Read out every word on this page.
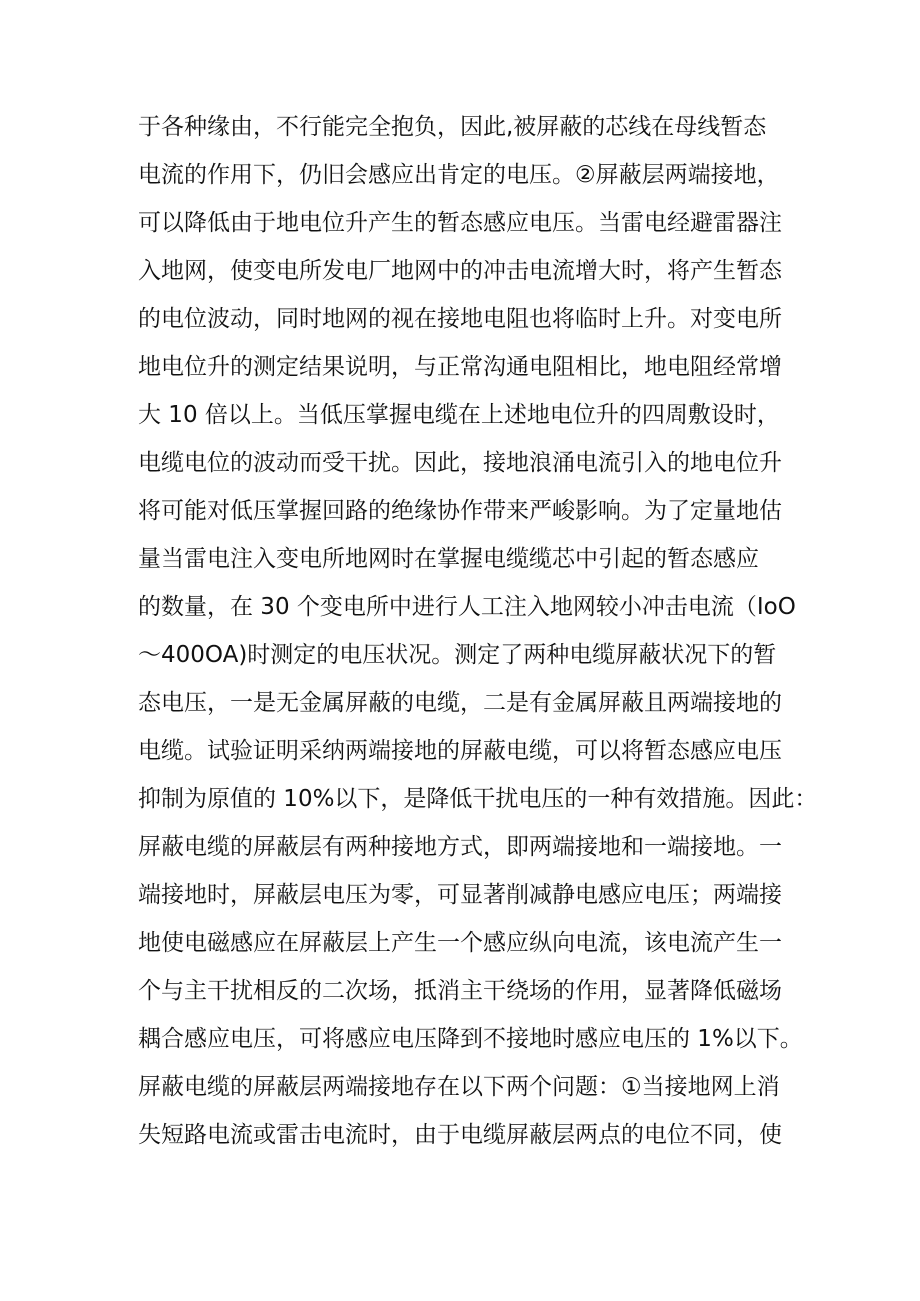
于各种缘由，不行能完全抱负，因此,被屏蔽的芯线在母线暂态
电流的作用下，仍旧会感应出肯定的电压。②屏蔽层两端接地，
可以降低由于地电位升产生的暂态感应电压。当雷电经避雷器注
入地网，使变电所发电厂地网中的冲击电流增大时，将产生暂态
的电位波动，同时地网的视在接地电阻也将临时上升。对变电所
地电位升的测定结果说明，与正常沟通电阻相比，地电阻经常增
大 10 倍以上。当低压掌握电缆在上述地电位升的四周敷设时，
电缆电位的波动而受干扰。因此，接地浪涌电流引入的地电位升
将可能对低压掌握回路的绝缘协作带来严峻影响。为了定量地估
量当雷电注入变电所地网时在掌握电缆缆芯中引起的暂态感应
的数量，在 30 个变电所中进行人工注入地网较小冲击电流（IoO
～400OA)时测定的电压状况。测定了两种电缆屏蔽状况下的暂
态电压，一是无金属屏蔽的电缆，二是有金属屏蔽且两端接地的
电缆。试验证明采纳两端接地的屏蔽电缆，可以将暂态感应电压
抑制为原值的 10%以下，是降低干扰电压的一种有效措施。因此：
屏蔽电缆的屏蔽层有两种接地方式，即两端接地和一端接地。一
端接地时，屏蔽层电压为零，可显著削减静电感应电压；两端接
地使电磁感应在屏蔽层上产生一个感应纵向电流，该电流产生一
个与主干扰相反的二次场，抵消主干绕场的作用，显著降低磁场
耦合感应电压，可将感应电压降到不接地时感应电压的 1%以下。
屏蔽电缆的屏蔽层两端接地存在以下两个问题：①当接地网上消
失短路电流或雷击电流时，由于电缆屏蔽层两点的电位不同，使
